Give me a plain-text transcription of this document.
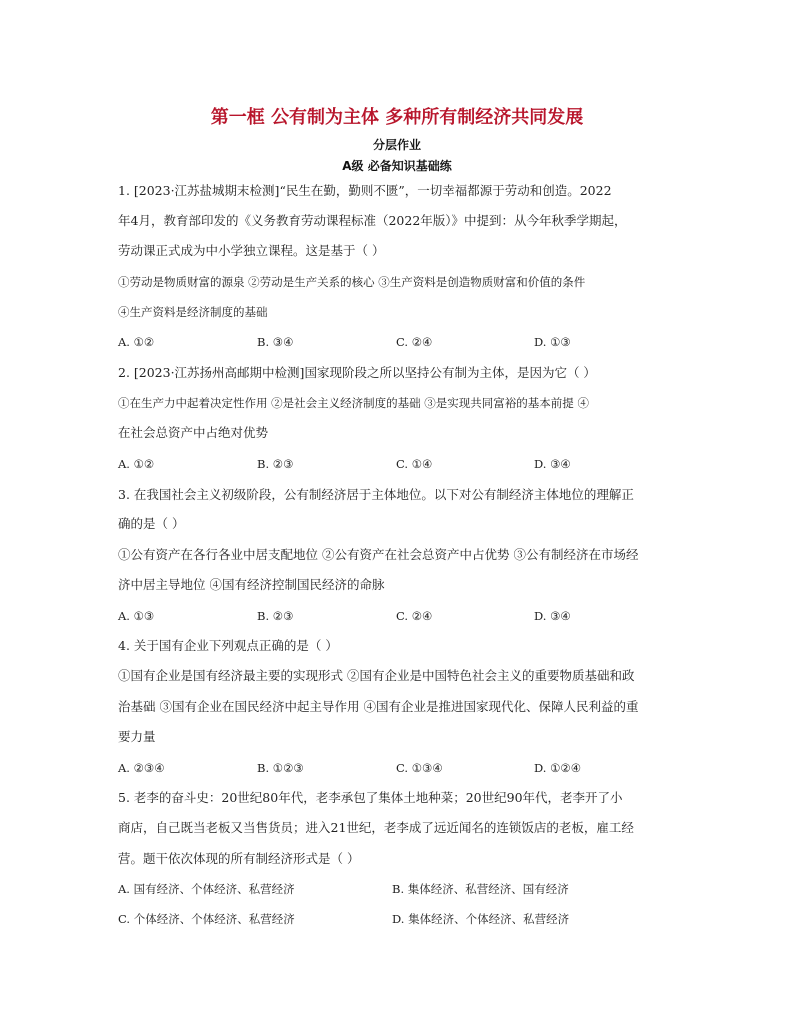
第一框 公有制为主体 多种所有制经济共同发展
分层作业
A级 必备知识基础练
1. [2023·江苏盐城期末检测]“民生在勤，勤则不匮”，一切幸福都源于劳动和创造。2022
年4月，教育部印发的《义务教育劳动课程标准（2022年版）》中提到：从今年秋季学期起，
劳动课正式成为中小学独立课程。这是基于（ ）
①劳动是物质财富的源泉 ②劳动是生产关系的核心 ③生产资料是创造物质财富和价值的条件
④生产资料是经济制度的基础
A. ①②	B. ③④	C. ②④	D. ①③
2. [2023·江苏扬州高邮期中检测]国家现阶段之所以坚持公有制为主体，是因为它（ ）
①在生产力中起着决定性作用 ②是社会主义经济制度的基础 ③是实现共同富裕的基本前提 ④
在社会总资产中占绝对优势
A. ①②	B. ②③	C. ①④	D. ③④
3. 在我国社会主义初级阶段，公有制经济居于主体地位。以下对公有制经济主体地位的理解正
确的是（ ）
①公有资产在各行各业中居支配地位 ②公有资产在社会总资产中占优势 ③公有制经济在市场经
济中居主导地位 ④国有经济控制国民经济的命脉
A. ①③	B. ②③	C. ②④	D. ③④
4. 关于国有企业下列观点正确的是（ ）
①国有企业是国有经济最主要的实现形式 ②国有企业是中国特色社会主义的重要物质基础和政
治基础 ③国有企业在国民经济中起主导作用 ④国有企业是推进国家现代化、保障人民利益的重
要力量
A. ②③④	B. ①②③	C. ①③④	D. ①②④
5. 老李的奋斗史：20世纪80年代，老李承包了集体土地种菜；20世纪90年代，老李开了小
商店，自己既当老板又当售货员；进入21世纪，老李成了远近闻名的连锁饭店的老板，雇工经
营。题干依次体现的所有制经济形式是（ ）
A. 国有经济、个体经济、私营经济	B. 集体经济、私营经济、国有经济
C. 个体经济、个体经济、私营经济	D. 集体经济、个体经济、私营经济
